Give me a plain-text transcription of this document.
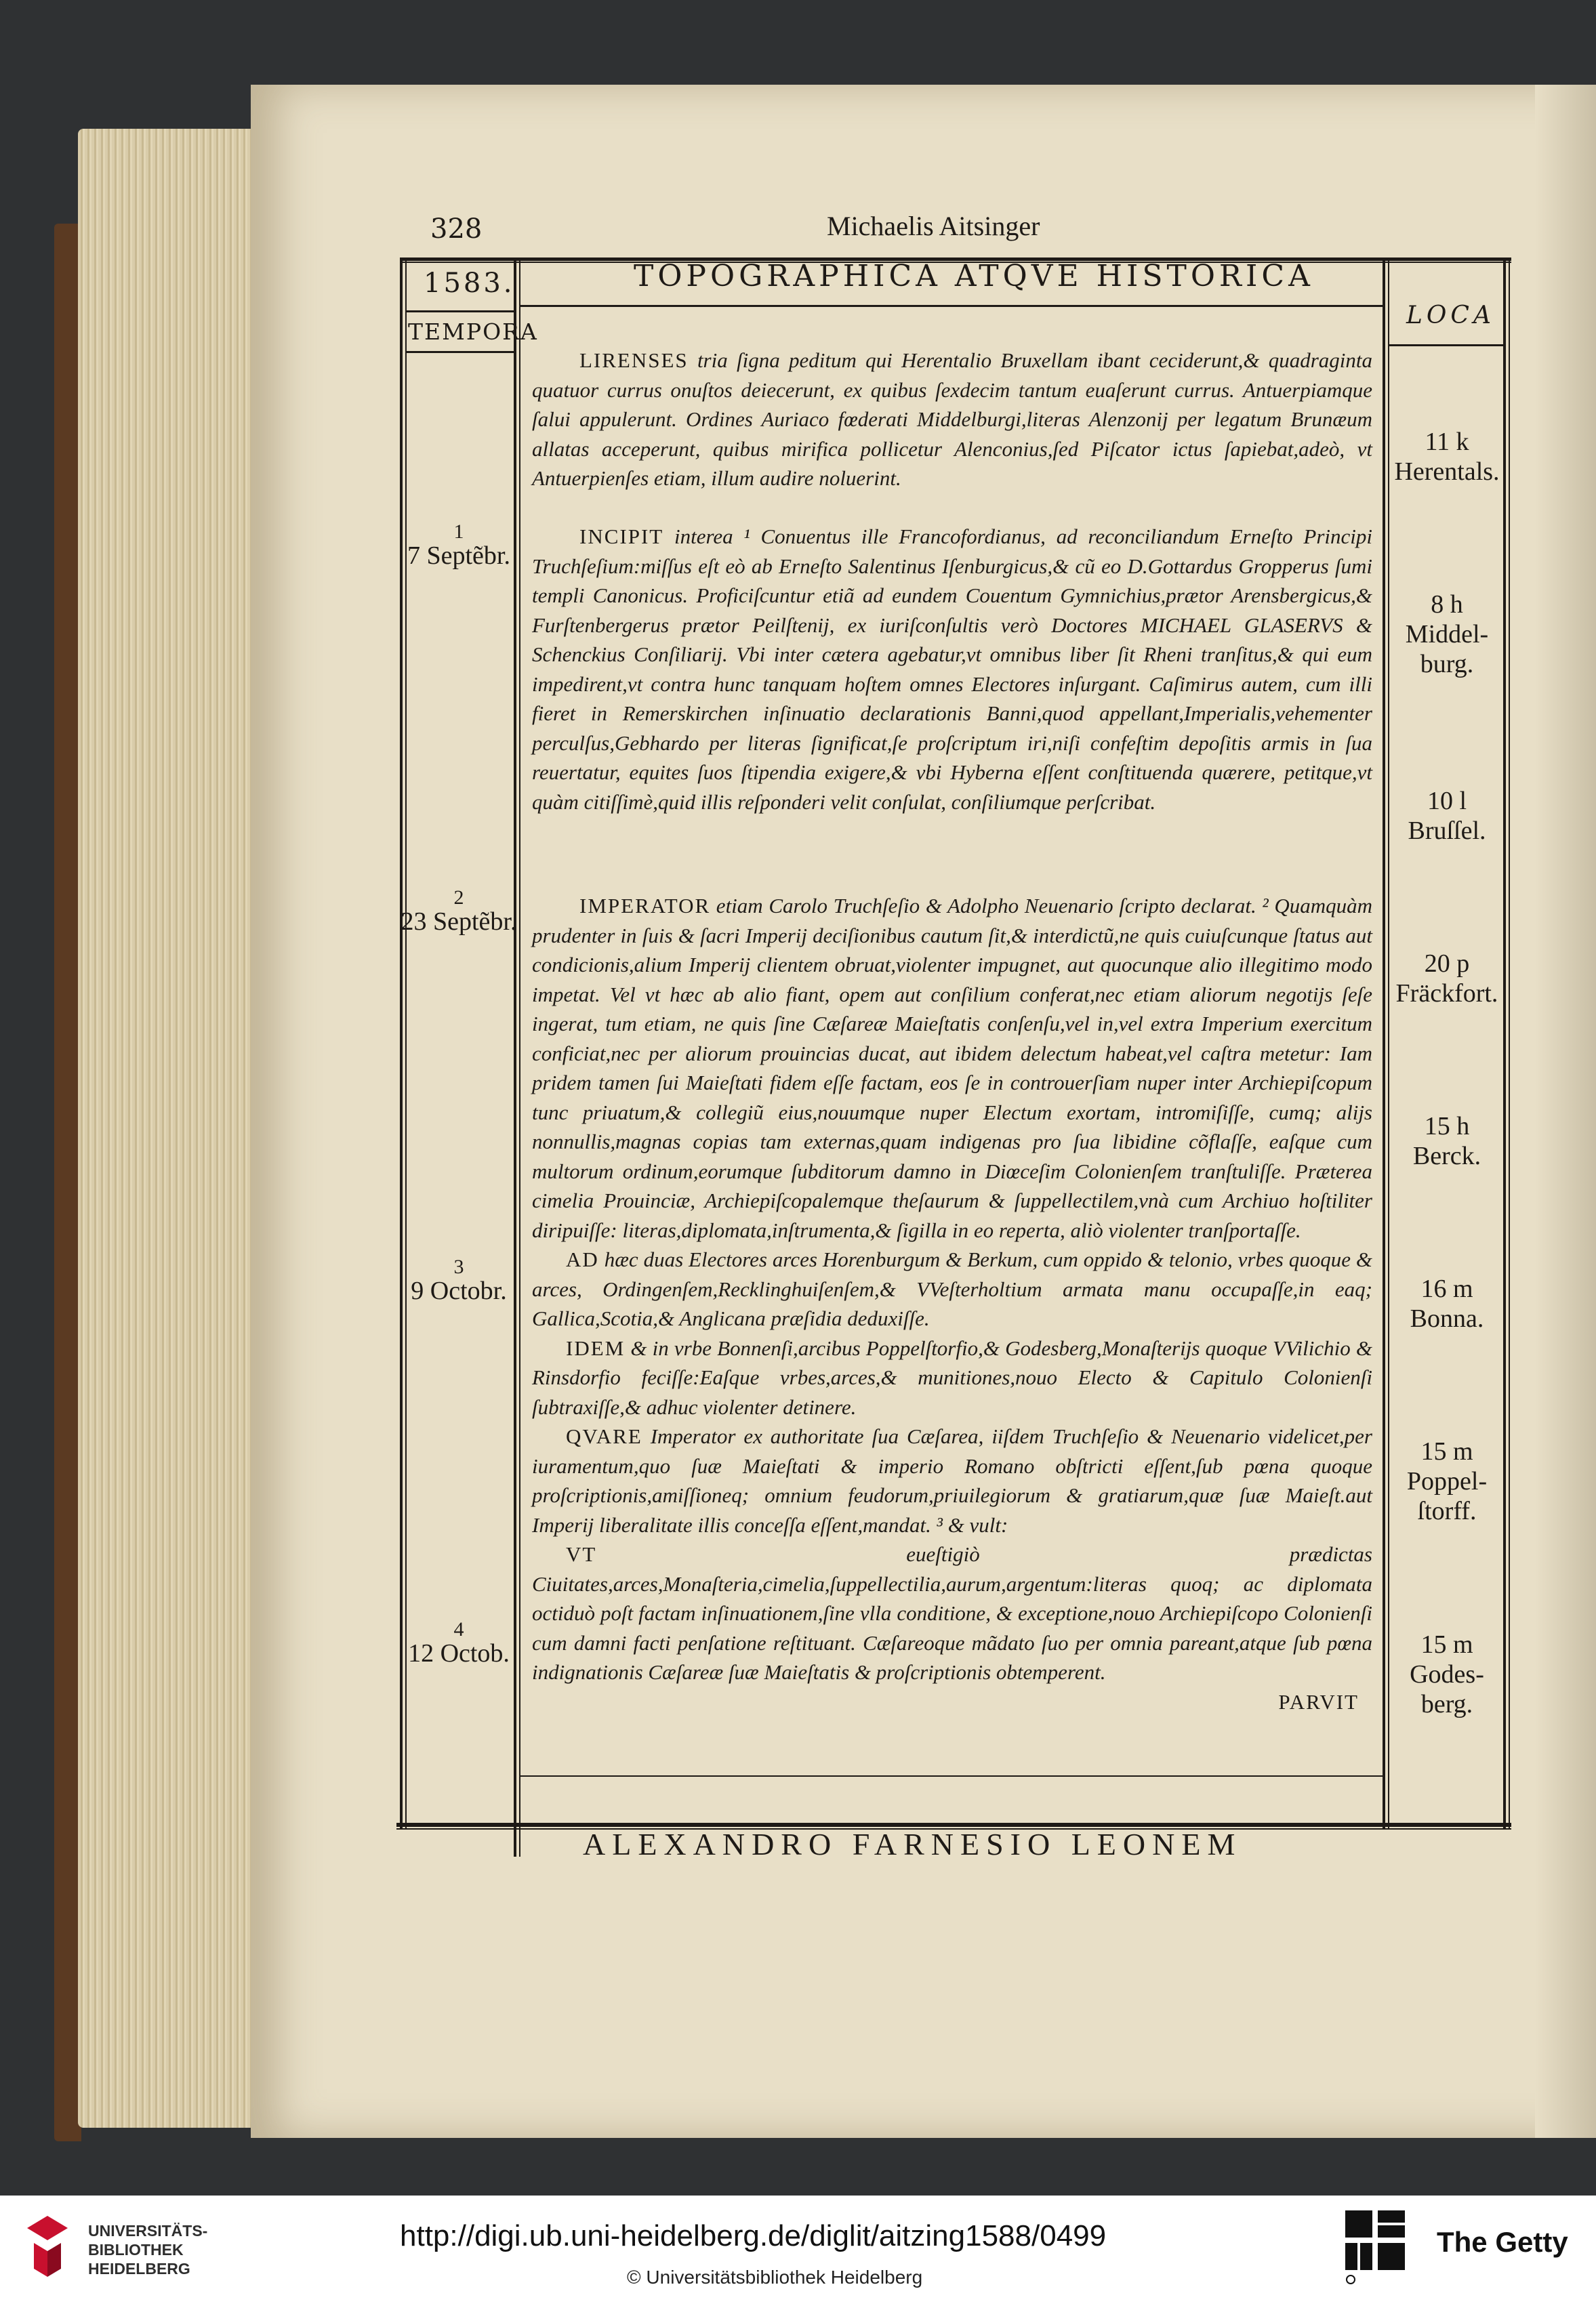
328	Michaelis Aitsinger
1583.
TEMPORA
TOPOGRAPHICA ATQVE HISTORICA
LOCA
1
7 Septẽbr.
2
23 Septẽbr.
3
9 Octobr.
4
12 Octob.
11 k
Herentals.
8 h
Middel-
burg.
10 l
Bruſſel.
20 p
Fräckfort.
15 h
Berck.
16 m
Bonna.
15 m
Poppel-
ſtorff.
15 m
Godes-
berg.

LIRENSES tria ſigna peditum qui Herentalio Bruxellam ibant ceciderunt,& quadraginta quatuor currus onuſtos deiecerunt, ex quibus ſexdecim tantum euaſerunt currus. Antuerpiamque ſalui appulerunt. Ordines Auriaco fœderati Middelburgi,literas Alenzonij per legatum Brunæum allatas acceperunt, quibus mirifica pollicetur Alenconius,ſed Piſcator ictus ſapiebat,adeò, vt Antuerpienſes etiam, illum audire noluerint.

INCIPIT interea ¹ Conuentus ille Francofordianus, ad reconciliandum Erneſto Principi Truchſeſium:miſſus eſt eò ab Erneſto Salentinus Iſenburgicus,& cũ eo D.Gottardus Gropperus ſumi templi Canonicus. Proficiſcuntur etiã ad eundem Couentum Gymnichius,prætor Arensbergicus,& Furſtenbergerus prætor Peilſtenij, ex iuriſconſultis verò Doctores MICHAEL GLASERVS & Schenckius Conſiliarij. Vbi inter cætera agebatur,vt omnibus liber ſit Rheni tranſitus,& qui eum impedirent,vt contra hunc tanquam hoſtem omnes Electores inſurgant. Caſimirus autem, cum illi fieret in Remerskirchen inſinuatio declarationis Banni,quod appellant,Imperialis,vehementer perculſus,Gebhardo per literas ſignificat,ſe proſcriptum iri,niſi confeſtim depoſitis armis in ſua reuertatur, equites ſuos ſtipendia exigere,& vbi Hyberna eſſent conſtituenda quærere, petitque,vt quàm citiſſimè,quid illis reſponderi velit conſulat, conſiliumque perſcribat.

IMPERATOR etiam Carolo Truchſeſio & Adolpho Neuenario ſcripto declarat. ² Quamquàm prudenter in ſuis & ſacri Imperij deciſionibus cautum ſit,& interdictũ,ne quis cuiuſcunque ſtatus aut condicionis,alium Imperij clientem obruat,violenter impugnet, aut quocunque alio illegitimo modo impetat. Vel vt hæc ab alio fiant, opem aut conſilium conferat,nec etiam aliorum negotijs ſeſe ingerat, tum etiam, ne quis ſine Cæſareæ Maieſtatis conſenſu,vel in,vel extra Imperium exercitum conficiat,nec per aliorum prouincias ducat, aut ibidem delectum habeat,vel caſtra metetur: Iam pridem tamen ſui Maieſtati fidem eſſe factam, eos ſe in controuerſiam nuper inter Archiepiſcopum tunc priuatum,& collegiũ eius,nouumque nuper Electum exortam, intromiſiſſe, cumq; alijs nonnullis,magnas copias tam externas,quam indigenas pro ſua libidine cõflaſſe, eaſque cum multorum ordinum,eorumque ſubditorum damno in Diœceſim Colonienſem tranſtuliſſe. Præterea cimelia Prouinciæ, Archiepiſcopalemque theſaurum & ſuppellectilem,vnà cum Archiuo hoſtiliter diripuiſſe: literas,diplomata,inſtrumenta,& ſigilla in eo reperta, aliò violenter tranſportaſſe.

AD hæc duas Electores arces Horenburgum & Berkum, cum oppido & telonio, vrbes quoque & arces, Ordingenſem,Recklinghuiſenſem,& VVeſterholtium armata manu occupaſſe,in eaq; Gallica,Scotia,& Anglicana præſidia deduxiſſe.

IDEM & in vrbe Bonnenſi,arcibus Poppelſtorfio,& Godesberg,Monaſterijs quoque VVilichio & Rinsdorfio feciſſe:Eaſque vrbes,arces,& munitiones,nouo Electo & Capitulo Colonienſi ſubtraxiſſe,& adhuc violenter detinere.

QVARE Imperator ex authoritate ſua Cæſarea, iiſdem Truchſeſio & Neuenario videlicet,per iuramentum,quo ſuæ Maieſtati & imperio Romano obſtricti eſſent,ſub pœna quoque proſcriptionis,amiſſioneq; omnium feudorum,priuilegiorum & gratiarum,quæ ſuæ Maieſt.aut Imperij liberalitate illis conceſſa eſſent,mandat. ³ & vult:

VT eueſtigiò prædictas Ciuitates,arces,Monaſteria,cimelia,ſuppellectilia,aurum,argentum:literas quoq; ac diplomata octiduò poſt factam inſinuationem,ſine vlla conditione, & exceptione,nouo Archiepiſcopo Colonienſi cum damni facti penſatione reſtituant. Cæſareoque mãdato ſuo per omnia pareant,atque ſub pœna indignationis Cæſareæ ſuæ Maieſtatis & proſcriptionis obtemperent.

PARVIT

ALEXANDRO FARNESIO LEONEM
UNIVERSITÄTS-
BIBLIOTHEK
HEIDELBERG
http://digi.ub.uni-heidelberg.de/diglit/aitzing1588/0499
© Universitätsbibliothek Heidelberg
The Getty
